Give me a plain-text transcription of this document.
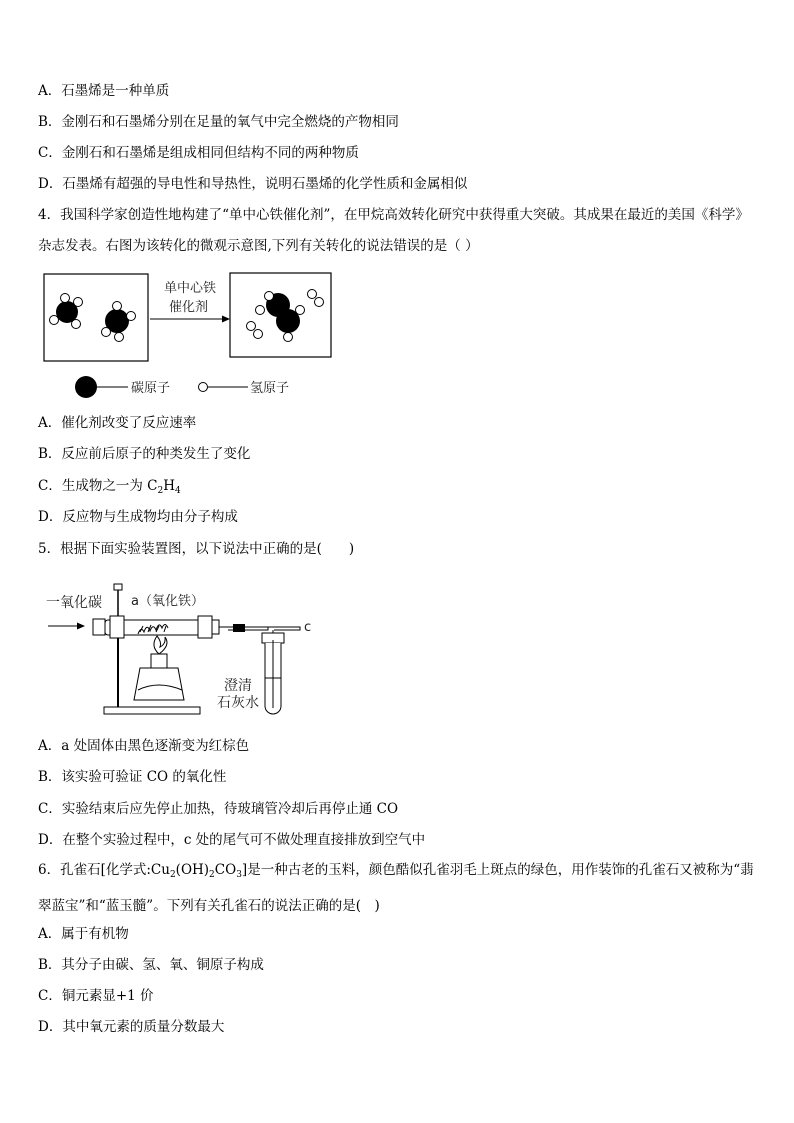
A．石墨烯是一种单质
B．金刚石和石墨烯分别在足量的氧气中完全燃烧的产物相同
C．金刚石和石墨烯是组成相同但结构不同的两种物质
D．石墨烯有超强的导电性和导热性，说明石墨烯的化学性质和金属相似
4．我国科学家创造性地构建了“单中心铁催化剂”，在甲烷高效转化研究中获得重大突破。其成果在最近的美国《科学》杂志发表。右图为该转化的微观示意图,下列有关转化的说法错误的是（ ）
单中心铁
催化剂
碳原子	氢原子
A．催化剂改变了反应速率
B．反应前后原子的种类发生了变化
C．生成物之一为 $C_2H_4$
D．反应物与生成物均由分子构成
5．根据下面实验装置图，以下说法中正确的是(　　)
一氧化碳 a（氧化铁）
c
澄清
石灰水
A．a 处固体由黑色逐渐变为红棕色
B．该实验可验证 CO 的氧化性
C．实验结束后应先停止加热，待玻璃管冷却后再停止通 CO
D．在整个实验过程中，c 处的尾气可不做处理直接排放到空气中
6．孔雀石[化学式$:Cu_2(OH)_2CO_3$]是一种古老的玉料，颜色酷似孔雀羽毛上斑点的绿色，用作装饰的孔雀石又被称为“翡翠蓝宝”和“蓝玉髓”。下列有关孔雀石的说法正确的是(　)
A．属于有机物
B．其分子由碳、氢、氧、铜原子构成
C．铜元素显+1 价
D．其中氧元素的质量分数最大
